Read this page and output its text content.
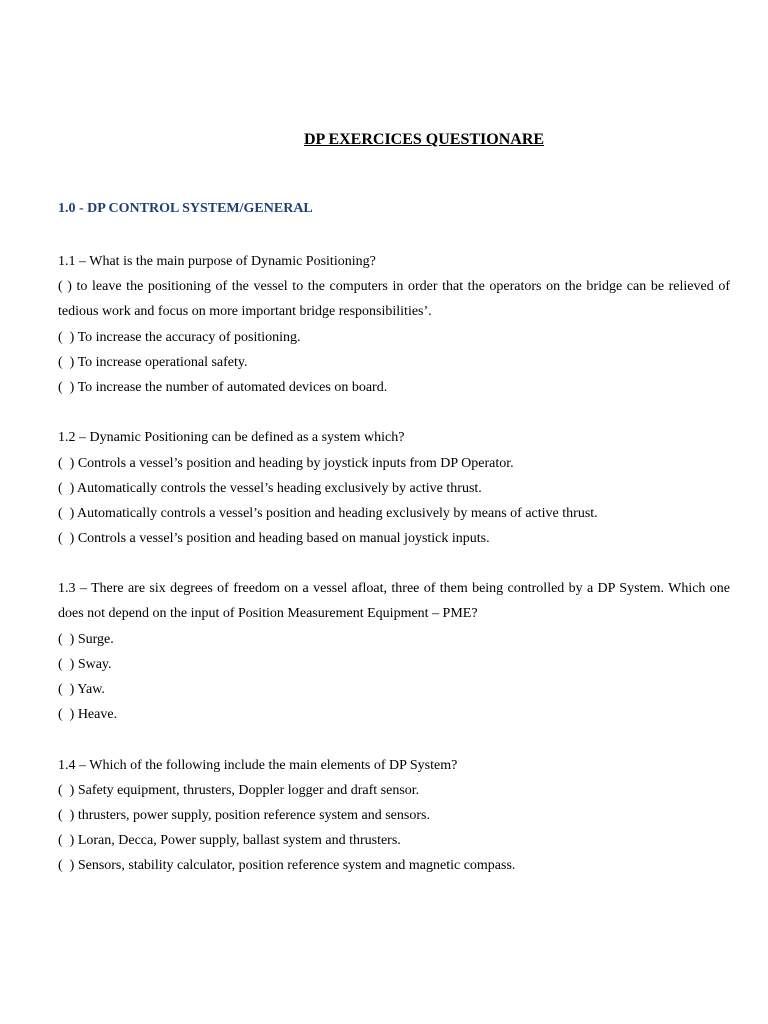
DP EXERCICES QUESTIONARE
1.0 - DP CONTROL SYSTEM/GENERAL

1.1 – What is the main purpose of Dynamic Positioning?

( ) to leave the positioning of the vessel to the computers in order that the operators on the bridge can be relieved of tedious work and focus on more important bridge responsibilities’.

(  ) To increase the accuracy of positioning.

(  ) To increase operational safety.

(  ) To increase the number of automated devices on board.

1.2 – Dynamic Positioning can be defined as a system which?

(  ) Controls a vessel’s position and heading by joystick inputs from DP Operator.

(  ) Automatically controls the vessel’s heading exclusively by active thrust.

(  ) Automatically controls a vessel’s position and heading exclusively by means of active thrust.

(  ) Controls a vessel’s position and heading based on manual joystick inputs.

1.3 – There are six degrees of freedom on a vessel afloat, three of them being controlled by a DP System. Which one does not depend on the input of Position Measurement Equipment – PME?

(  ) Surge.

(  ) Sway.

(  ) Yaw.

(  ) Heave.

1.4 – Which of the following include the main elements of DP System?

(  ) Safety equipment, thrusters, Doppler logger and draft sensor.

(  ) thrusters, power supply, position reference system and sensors.

(  ) Loran, Decca, Power supply, ballast system and thrusters.

(  ) Sensors, stability calculator, position reference system and magnetic compass.
